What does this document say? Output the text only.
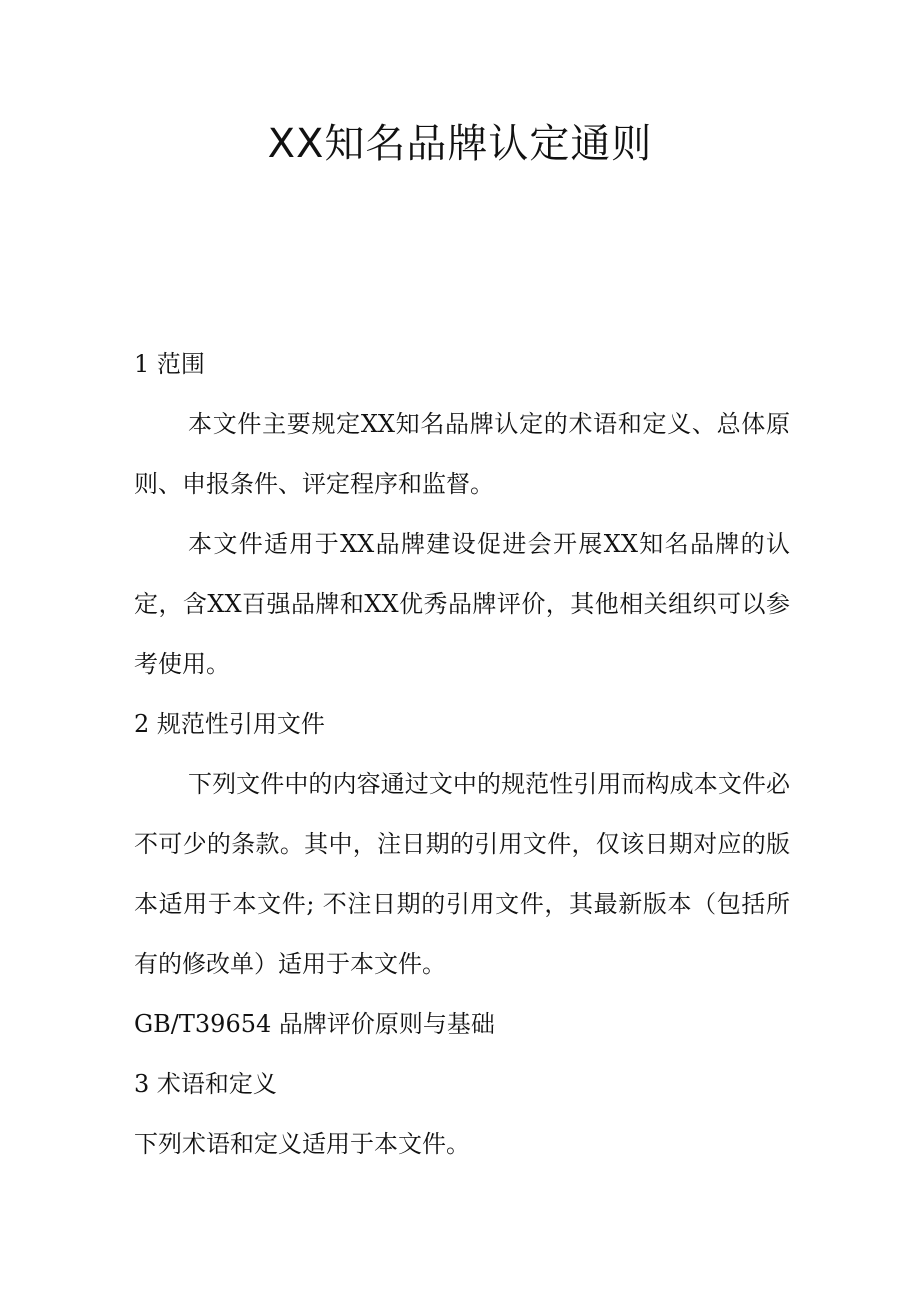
XX知名品牌认定通则

1 范围

本文件主要规定XX知名品牌认定的术语和定义、总体原则、申报条件、评定程序和监督。

本文件适用于XX品牌建设促进会开展XX知名品牌的认定，含XX百强品牌和XX优秀品牌评价，其他相关组织可以参考使用。

2 规范性引用文件

下列文件中的内容通过文中的规范性引用而构成本文件必不可少的条款。其中，注日期的引用文件，仅该日期对应的版本适用于本文件; 不注日期的引用文件，其最新版本（包括所有的修改单）适用于本文件。

GB/T39654 品牌评价原则与基础

3 术语和定义

下列术语和定义适用于本文件。
